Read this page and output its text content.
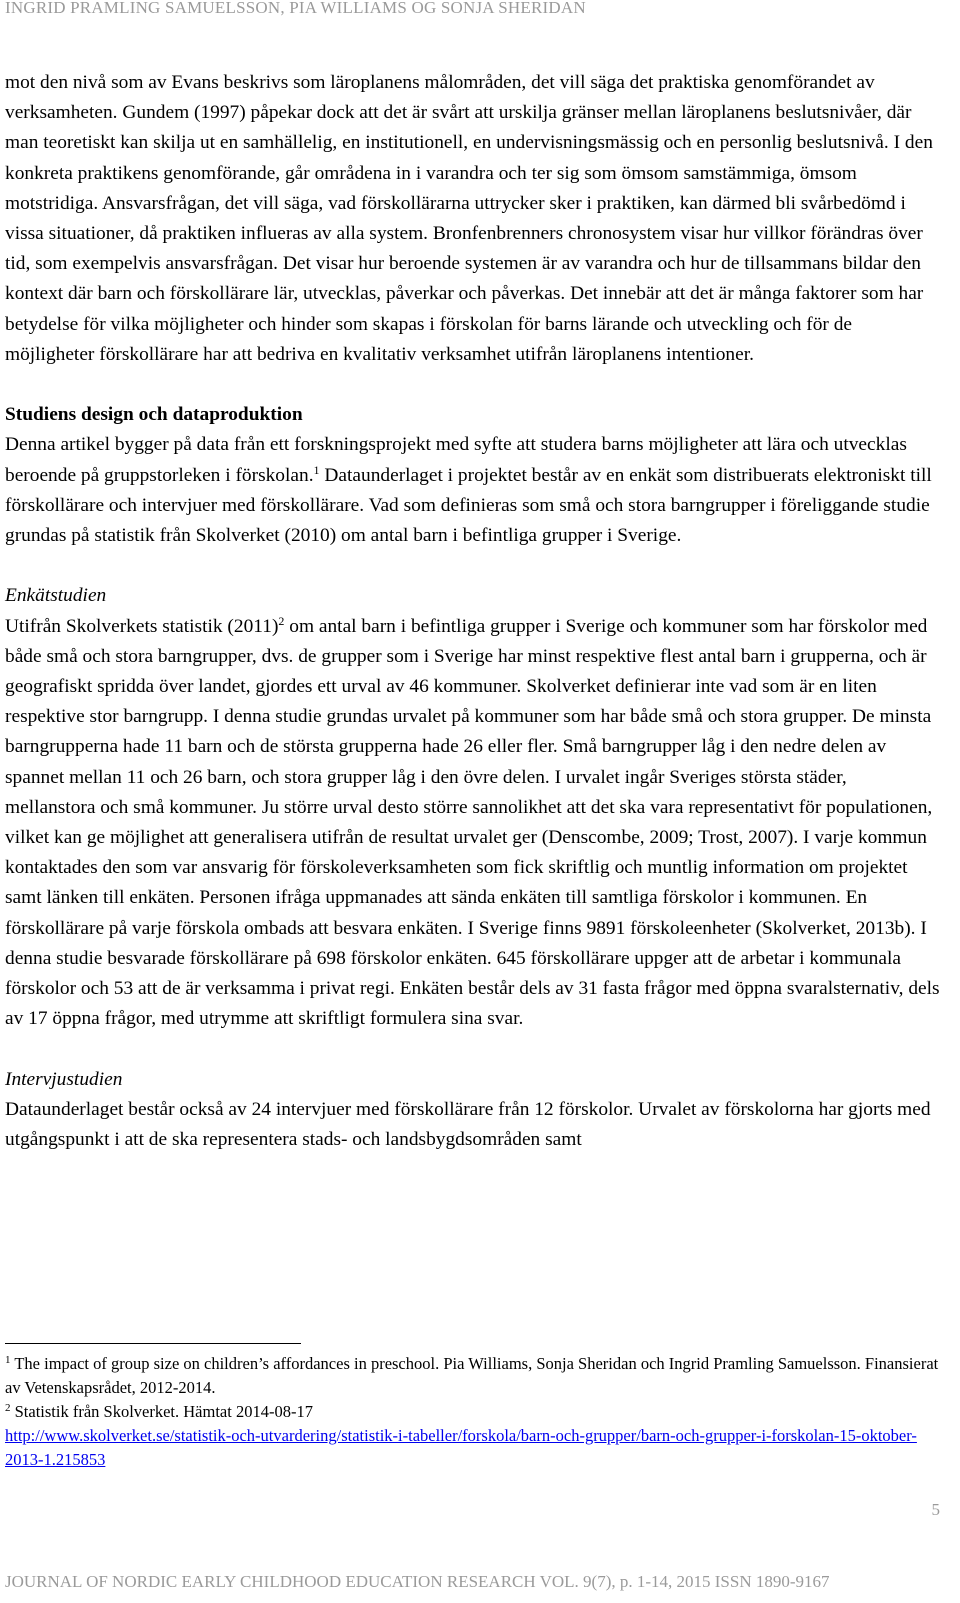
INGRID PRAMLING SAMUELSSON, PIA WILLIAMS OG SONJA SHERIDAN

mot den nivå som av Evans beskrivs som läroplanens målområden, det vill säga det praktiska genomförandet av verksamheten. Gundem (1997) påpekar dock att det är svårt att urskilja gränser mellan läroplanens beslutsnivåer, där man teoretiskt kan skilja ut en samhällelig, en institutionell, en undervisningsmässig och en personlig beslutsnivå. I den konkreta praktikens genomförande, går områdena in i varandra och ter sig som ömsom samstämmiga, ömsom motstridiga. Ansvarsfrågan, det vill säga, vad förskollärarna uttrycker sker i praktiken, kan därmed bli svårbedömd i vissa situationer, då praktiken influeras av alla system. Bronfenbrenners chronosystem visar hur villkor förändras över tid, som exempelvis ansvarsfrågan. Det visar hur beroende systemen är av varandra och hur de tillsammans bildar den kontext där barn och förskollärare lär, utvecklas, påverkar och påverkas. Det innebär att det är många faktorer som har betydelse för vilka möjligheter och hinder som skapas i förskolan för barns lärande och utveckling och för de möjligheter förskollärare har att bedriva en kvalitativ verksamhet utifrån läroplanens intentioner.

Studiens design och dataproduktion

Denna artikel bygger på data från ett forskningsprojekt med syfte att studera barns möjligheter att lära och utvecklas beroende på gruppstorleken i förskolan.$^1$ Dataunderlaget i projektet består av en enkät som distribuerats elektroniskt till förskollärare och intervjuer med förskollärare. Vad som definieras som små och stora barngrupper i föreliggande studie grundas på statistik från Skolverket (2010) om antal barn i befintliga grupper i Sverige.

Enkätstudien

Utifrån Skolverkets statistik $(2011)^2$ om antal barn i befintliga grupper i Sverige och kommuner som har förskolor med både små och stora barngrupper, dvs. de grupper som i Sverige har minst respektive flest antal barn i grupperna, och är geografiskt spridda över landet, gjordes ett urval av 46 kommuner. Skolverket definierar inte vad som är en liten respektive stor barngrupp. I denna studie grundas urvalet på kommuner som har både små och stora grupper. De minsta barngrupperna hade 11 barn och de största grupperna hade 26 eller fler. Små barngrupper låg i den nedre delen av spannet mellan 11 och 26 barn, och stora grupper låg i den övre delen. I urvalet ingår Sveriges största städer, mellanstora och små kommuner. Ju större urval desto större sannolikhet att det ska vara representativt för populationen, vilket kan ge möjlighet att generalisera utifrån de resultat urvalet ger (Denscombe, 2009; Trost, 2007). I varje kommun kontaktades den som var ansvarig för förskoleverksamheten som fick skriftlig och muntlig information om projektet samt länken till enkäten. Personen ifråga uppmanades att sända enkäten till samtliga förskolor i kommunen. En förskollärare på varje förskola ombads att besvara enkäten. I Sverige finns 9891 förskoleenheter (Skolverket, 2013b). I denna studie besvarade förskollärare på 698 förskolor enkäten. 645 förskollärare uppger att de arbetar i kommunala förskolor och 53 att de är verksamma i privat regi. Enkäten består dels av 31 fasta frågor med öppna svaralsternativ, dels av 17 öppna frågor, med utrymme att skriftligt formulera sina svar.

Intervjustudien

Dataunderlaget består också av 24 intervjuer med förskollärare från 12 förskolor. Urvalet av förskolorna har gjorts med utgångspunkt i att de ska representera stads- och landsbygdsområden samt

$^1$ The impact of group size on children’s affordances in preschool. Pia Williams, Sonja Sheridan och Ingrid Pramling Samuelsson. Finansierat av Vetenskapsrådet, 2012-2014.

$^2$ Statistik från Skolverket. Hämtat 2014-08-17

http://www.skolverket.se/statistik-och-utvardering/statistik-i-tabeller/forskola/barn-och-grupper/barn-och-grupper-i-forskolan-15-oktober-2013-1.215853

5
JOURNAL OF NORDIC EARLY CHILDHOOD EDUCATION RESEARCH VOL. 9(7), p. 1-14, 2015 ISSN 1890-9167
